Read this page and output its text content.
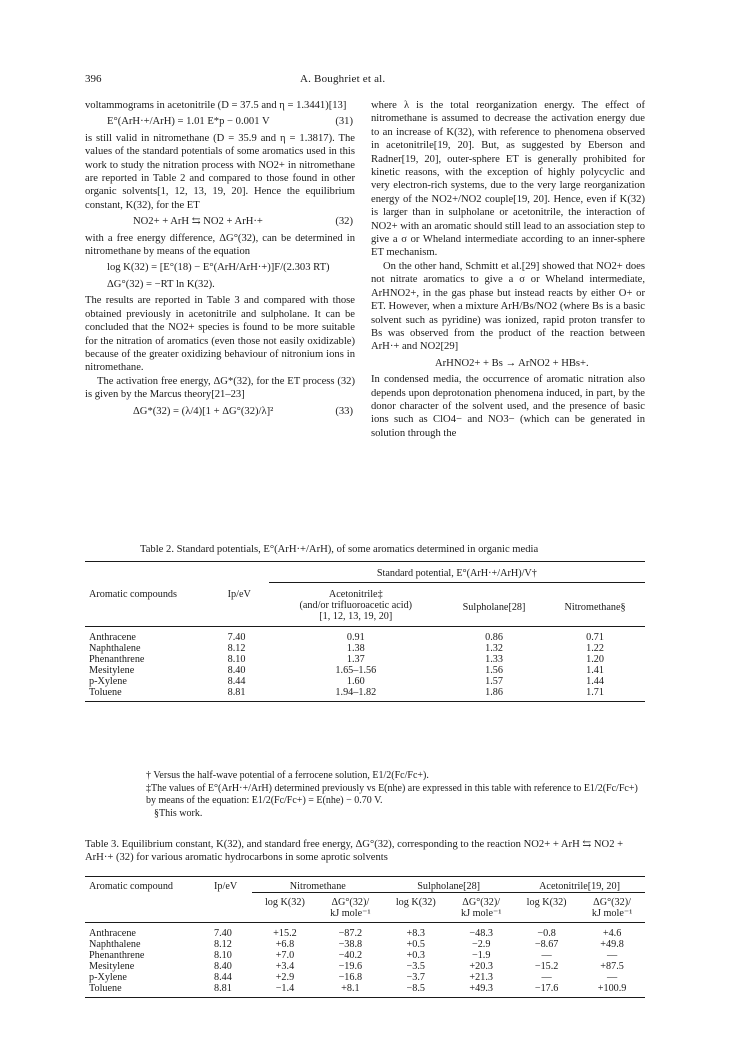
396	A. Boughriet et al.

voltammograms in acetonitrile (D = 37.5 and η = 1.3441)[13]

E°(ArH·+/ArH) = 1.01 E*p − 0.001 V	(31)

is still valid in nitromethane (D = 35.9 and η = 1.3817). The values of the standard potentials of some aromatics used in this work to study the nitration process with NO2+ in nitromethane are reported in Table 2 and compared to those found in other organic solvents[1, 12, 13, 19, 20]. Hence the equilibrium constant, K(32), for the ET

NO2+ + ArH ⇆ NO2 + ArH·+	(32)

with a free energy difference, ΔG°(32), can be determined in nitromethane by means of the equation

log K(32) = [E°(18) − E°(ArH/ArH·+)]F/(2.303 RT)
ΔG°(32) = −RT ln K(32).

The results are reported in Table 3 and compared with those obtained previously in acetonitrile and sulpholane. It can be concluded that the NO2+ species is found to be more suitable for the nitration of aromatics (even those not easily oxidizable) because of the greater oxidizing behaviour of nitronium ions in nitromethane.

The activation free energy, ΔG*(32), for the ET process (32) is given by the Marcus theory[21–23]

ΔG*(32) = (λ/4)[1 + ΔG°(32)/λ]²	(33)

where λ is the total reorganization energy. The effect of nitromethane is assumed to decrease the activation energy due to an increase of K(32), with reference to phenomena observed in acetonitrile[19, 20]. But, as suggested by Eberson and Radner[19, 20], outer-sphere ET is generally prohibited for kinetic reasons, with the exception of highly polycyclic and very electron-rich systems, due to the very large reorganization energy of the NO2+/NO2 couple[19, 20]. Hence, even if K(32) is larger than in sulpholane or acetonitrile, the interaction of NO2+ with an aromatic should still lead to an association step to give a σ or Wheland intermediate according to an inner-sphere ET mechanism.

On the other hand, Schmitt et al.[29] showed that NO2+ does not nitrate aromatics to give a σ or Wheland intermediate, ArHNO2+, in the gas phase but instead reacts by either O+ or ET. However, when a mixture ArH/Bs/NO2 (where Bs is a basic solvent such as pyridine) was ionized, rapid proton transfer to Bs was observed from the product of the reaction between ArH·+ and NO2[29]

ArHNO2+ + Bs → ArNO2 + HBs+.

In condensed media, the occurrence of aromatic nitration also depends upon deprotonation phenomena induced, in part, by the donor character of the solvent used, and the presence of basic ions such as ClO4− and NO3− (which can be generated in solution through the

Table 2. Standard potentials, E°(ArH·+/ArH), of some aromatics determined in organic media

		Standard potential, E°(ArH·+/ArH)/V†		
Aromatic compounds	Ip/eV	Acetonitrile‡	Sulpholane[28]	Nitromethane§
		(and/or trifluoroacetic acid)		
		[1, 12, 13, 19, 20]		

Anthracene	7.40	0.91	0.86	0.71
Naphthalene	8.12	1.38	1.32	1.22
Phenanthrene	8.10	1.37	1.33	1.20
Mesitylene	8.40	1.65–1.56	1.56	1.41
p-Xylene	8.44	1.60	1.57	1.44
Toluene	8.81	1.94–1.82	1.86	1.71

† Versus the half-wave potential of a ferrocene solution, E1/2(Fc/Fc+).

‡The values of E°(ArH·+/ArH) determined previously vs E(nhe) are expressed in this table with reference to E1/2(Fc/Fc+) by means of the equation: E1/2(Fc/Fc+) = E(nhe) − 0.70 V.

§This work.

Table 3. Equilibrium constant, K(32), and standard free energy, ΔG°(32), corresponding to the reaction NO2+ + ArH ⇆ NO2 + ArH·+ (32) for various aromatic hydrocarbons in some aprotic solvents
Aromatic compound	Ip/eV	Nitromethane		Sulpholane[28]		Acetonitrile[19, 20]	
		log K(32)	ΔG°(32)/	log K(32)	ΔG°(32)/	log K(32)	ΔG°(32)/
			kJ mole⁻¹		kJ mole⁻¹		kJ mole⁻¹

Anthracene	7.40	+15.2	−87.2	+8.3	−48.3	−0.8	+4.6
Naphthalene	8.12	+6.8	−38.8	+0.5	−2.9	−8.67	+49.8
Phenanthrene	8.10	+7.0	−40.2	+0.3	−1.9	—	—
Mesitylene	8.40	+3.4	−19.6	−3.5	+20.3	−15.2	+87.5
p-Xylene	8.44	+2.9	−16.8	−3.7	+21.3	—	—
Toluene	8.81	−1.4	+8.1	−8.5	+49.3	−17.6	+100.9
